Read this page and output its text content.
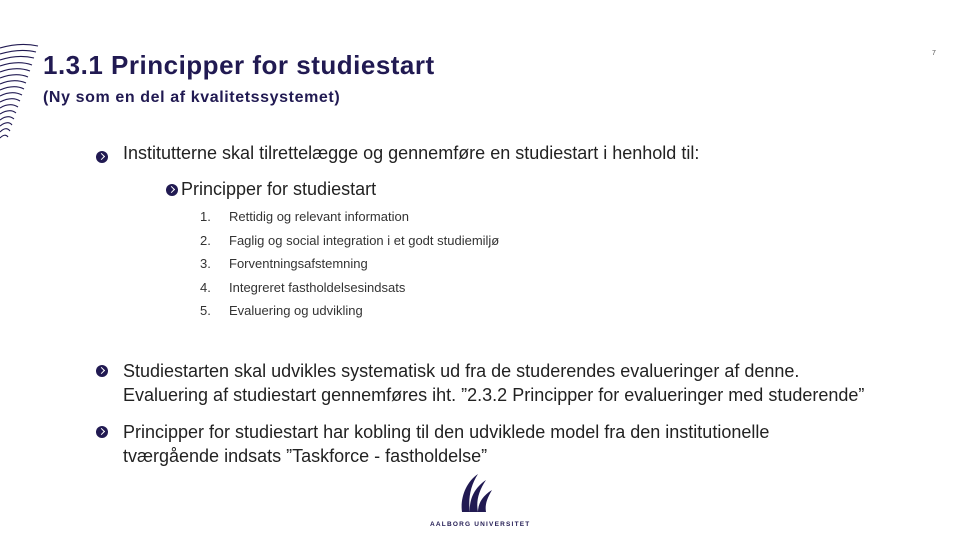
1.3.1 Principper for studiestart
(Ny som en del af kvalitetssystemet)
7
Institutterne skal tilrettelægge og gennemføre en studiestart i henhold til:
Principper for studiestart
1.	Rettidig og relevant information
2.	Faglig og social integration i et godt studiemiljø
3.	Forventningsafstemning
4.	Integreret fastholdelsesindsats
5.	Evaluering og udvikling
Studiestarten skal udvikles systematisk ud fra de studerendes evalueringer af denne.
Evaluering af studiestart gennemføres iht. ”2.3.2 Principper for evalueringer med studerende”
Principper for studiestart har kobling til den udviklede model fra den institutionelle
tværgående indsats ”Taskforce - fastholdelse”
AALBORG UNIVERSITET
